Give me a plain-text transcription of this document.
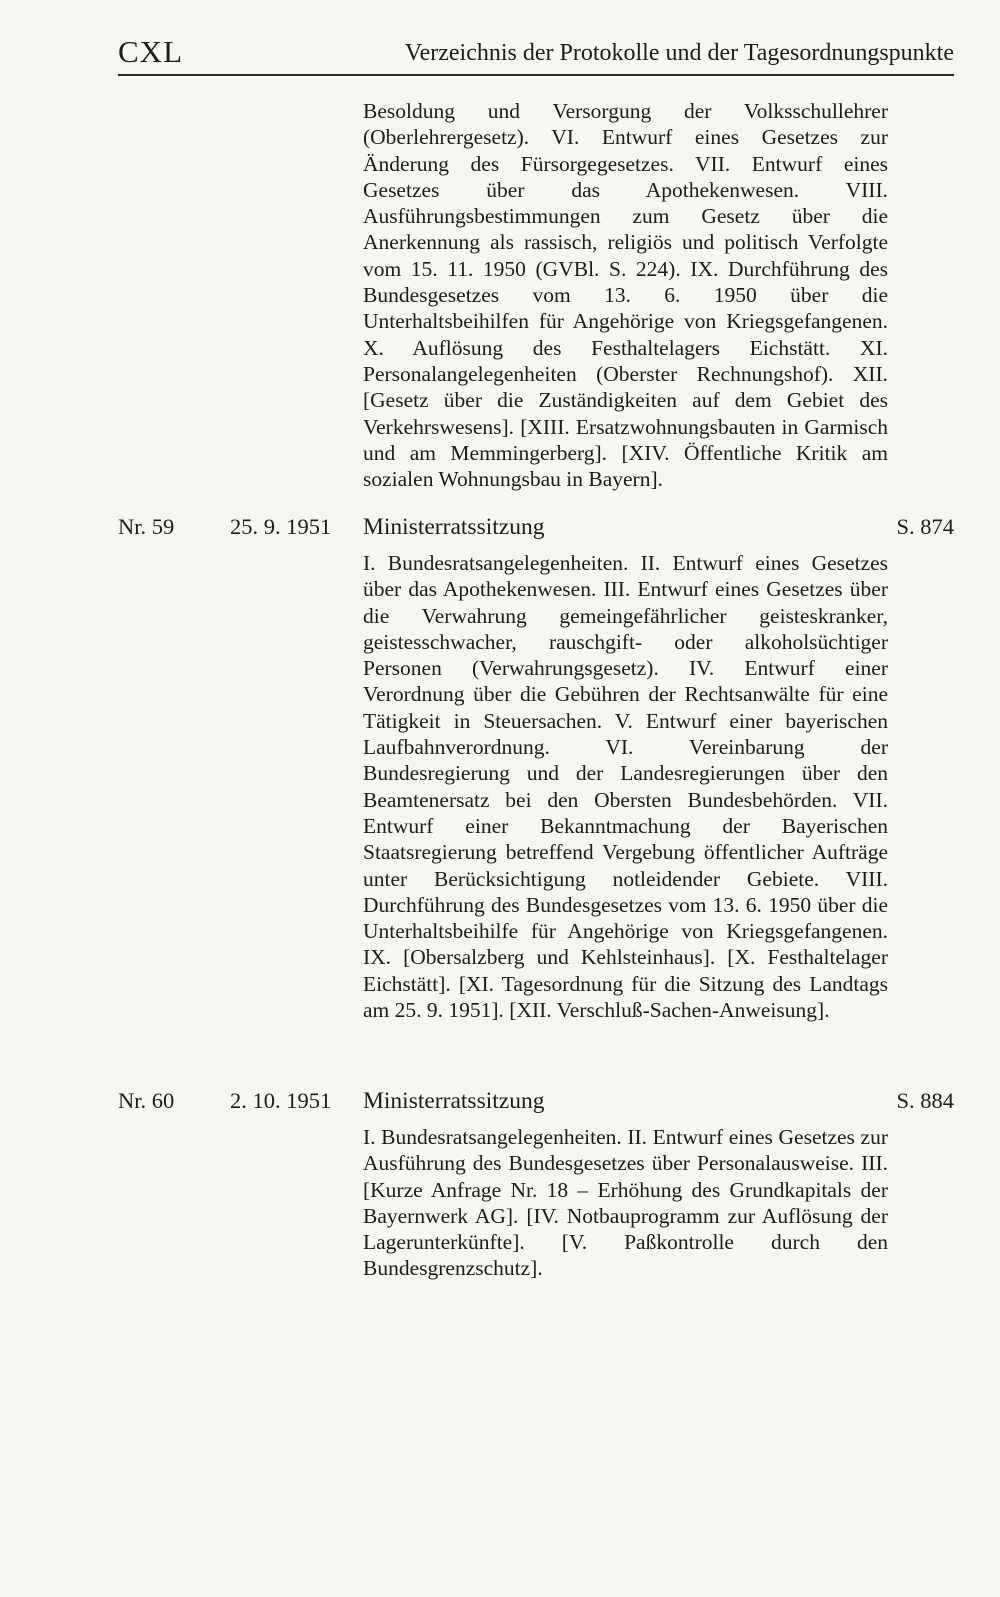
CXL	Verzeichnis der Protokolle und der Tagesordnungspunkte
Besoldung und Versorgung der Volksschullehrer (Oberlehrergesetz). VI. Entwurf eines Gesetzes zur Änderung des Fürsorgegesetzes. VII. Entwurf eines Gesetzes über das Apothekenwesen. VIII. Ausführungsbestimmungen zum Gesetz über die Anerkennung als rassisch, religiös und politisch Verfolgte vom 15. 11. 1950 (GVBl. S. 224). IX. Durchführung des Bundesgesetzes vom 13. 6. 1950 über die Unterhaltsbeihilfen für Angehörige von Kriegsgefangenen. X. Auflösung des Festhaltelagers Eichstätt. XI. Personalangelegenheiten (Oberster Rechnungshof). XII. [Gesetz über die Zuständigkeiten auf dem Gebiet des Verkehrswesens]. [XIII. Ersatzwohnungsbauten in Garmisch und am Memmingerberg]. [XIV. Öffentliche Kritik am sozialen Wohnungsbau in Bayern].
Nr. 59 25. 9. 1951 Ministerratssitzung	S. 874
I. Bundesratsangelegenheiten. II. Entwurf eines Gesetzes über das Apothekenwesen. III. Entwurf eines Gesetzes über die Verwahrung gemeingefährlicher geisteskranker, geistesschwacher, rauschgift- oder alkoholsüchtiger Personen (Verwahrungsgesetz). IV. Entwurf einer Verordnung über die Gebühren der Rechtsanwälte für eine Tätigkeit in Steuersachen. V. Entwurf einer bayerischen Laufbahnverordnung. VI. Vereinbarung der Bundesregierung und der Landesregierungen über den Beamtenersatz bei den Obersten Bundesbehörden. VII. Entwurf einer Bekanntmachung der Bayerischen Staatsregierung betreffend Vergebung öffentlicher Aufträge unter Berücksichtigung notleidender Gebiete. VIII. Durchführung des Bundesgesetzes vom 13. 6. 1950 über die Unterhaltsbeihilfe für Angehörige von Kriegsgefangenen. IX. [Obersalzberg und Kehlsteinhaus]. [X. Festhaltelager Eichstätt]. [XI. Tagesordnung für die Sitzung des Landtags am 25. 9. 1951]. [XII. Verschluß-Sachen-Anweisung].
Nr. 60 2. 10. 1951 Ministerratssitzung	S. 884
I. Bundesratsangelegenheiten. II. Entwurf eines Gesetzes zur Ausführung des Bundesgesetzes über Personalausweise. III. [Kurze Anfrage Nr. 18 – Erhöhung des Grundkapitals der Bayernwerk AG]. [IV. Notbauprogramm zur Auflösung der Lagerunterkünfte]. [V. Paßkontrolle durch den Bundesgrenzschutz].
